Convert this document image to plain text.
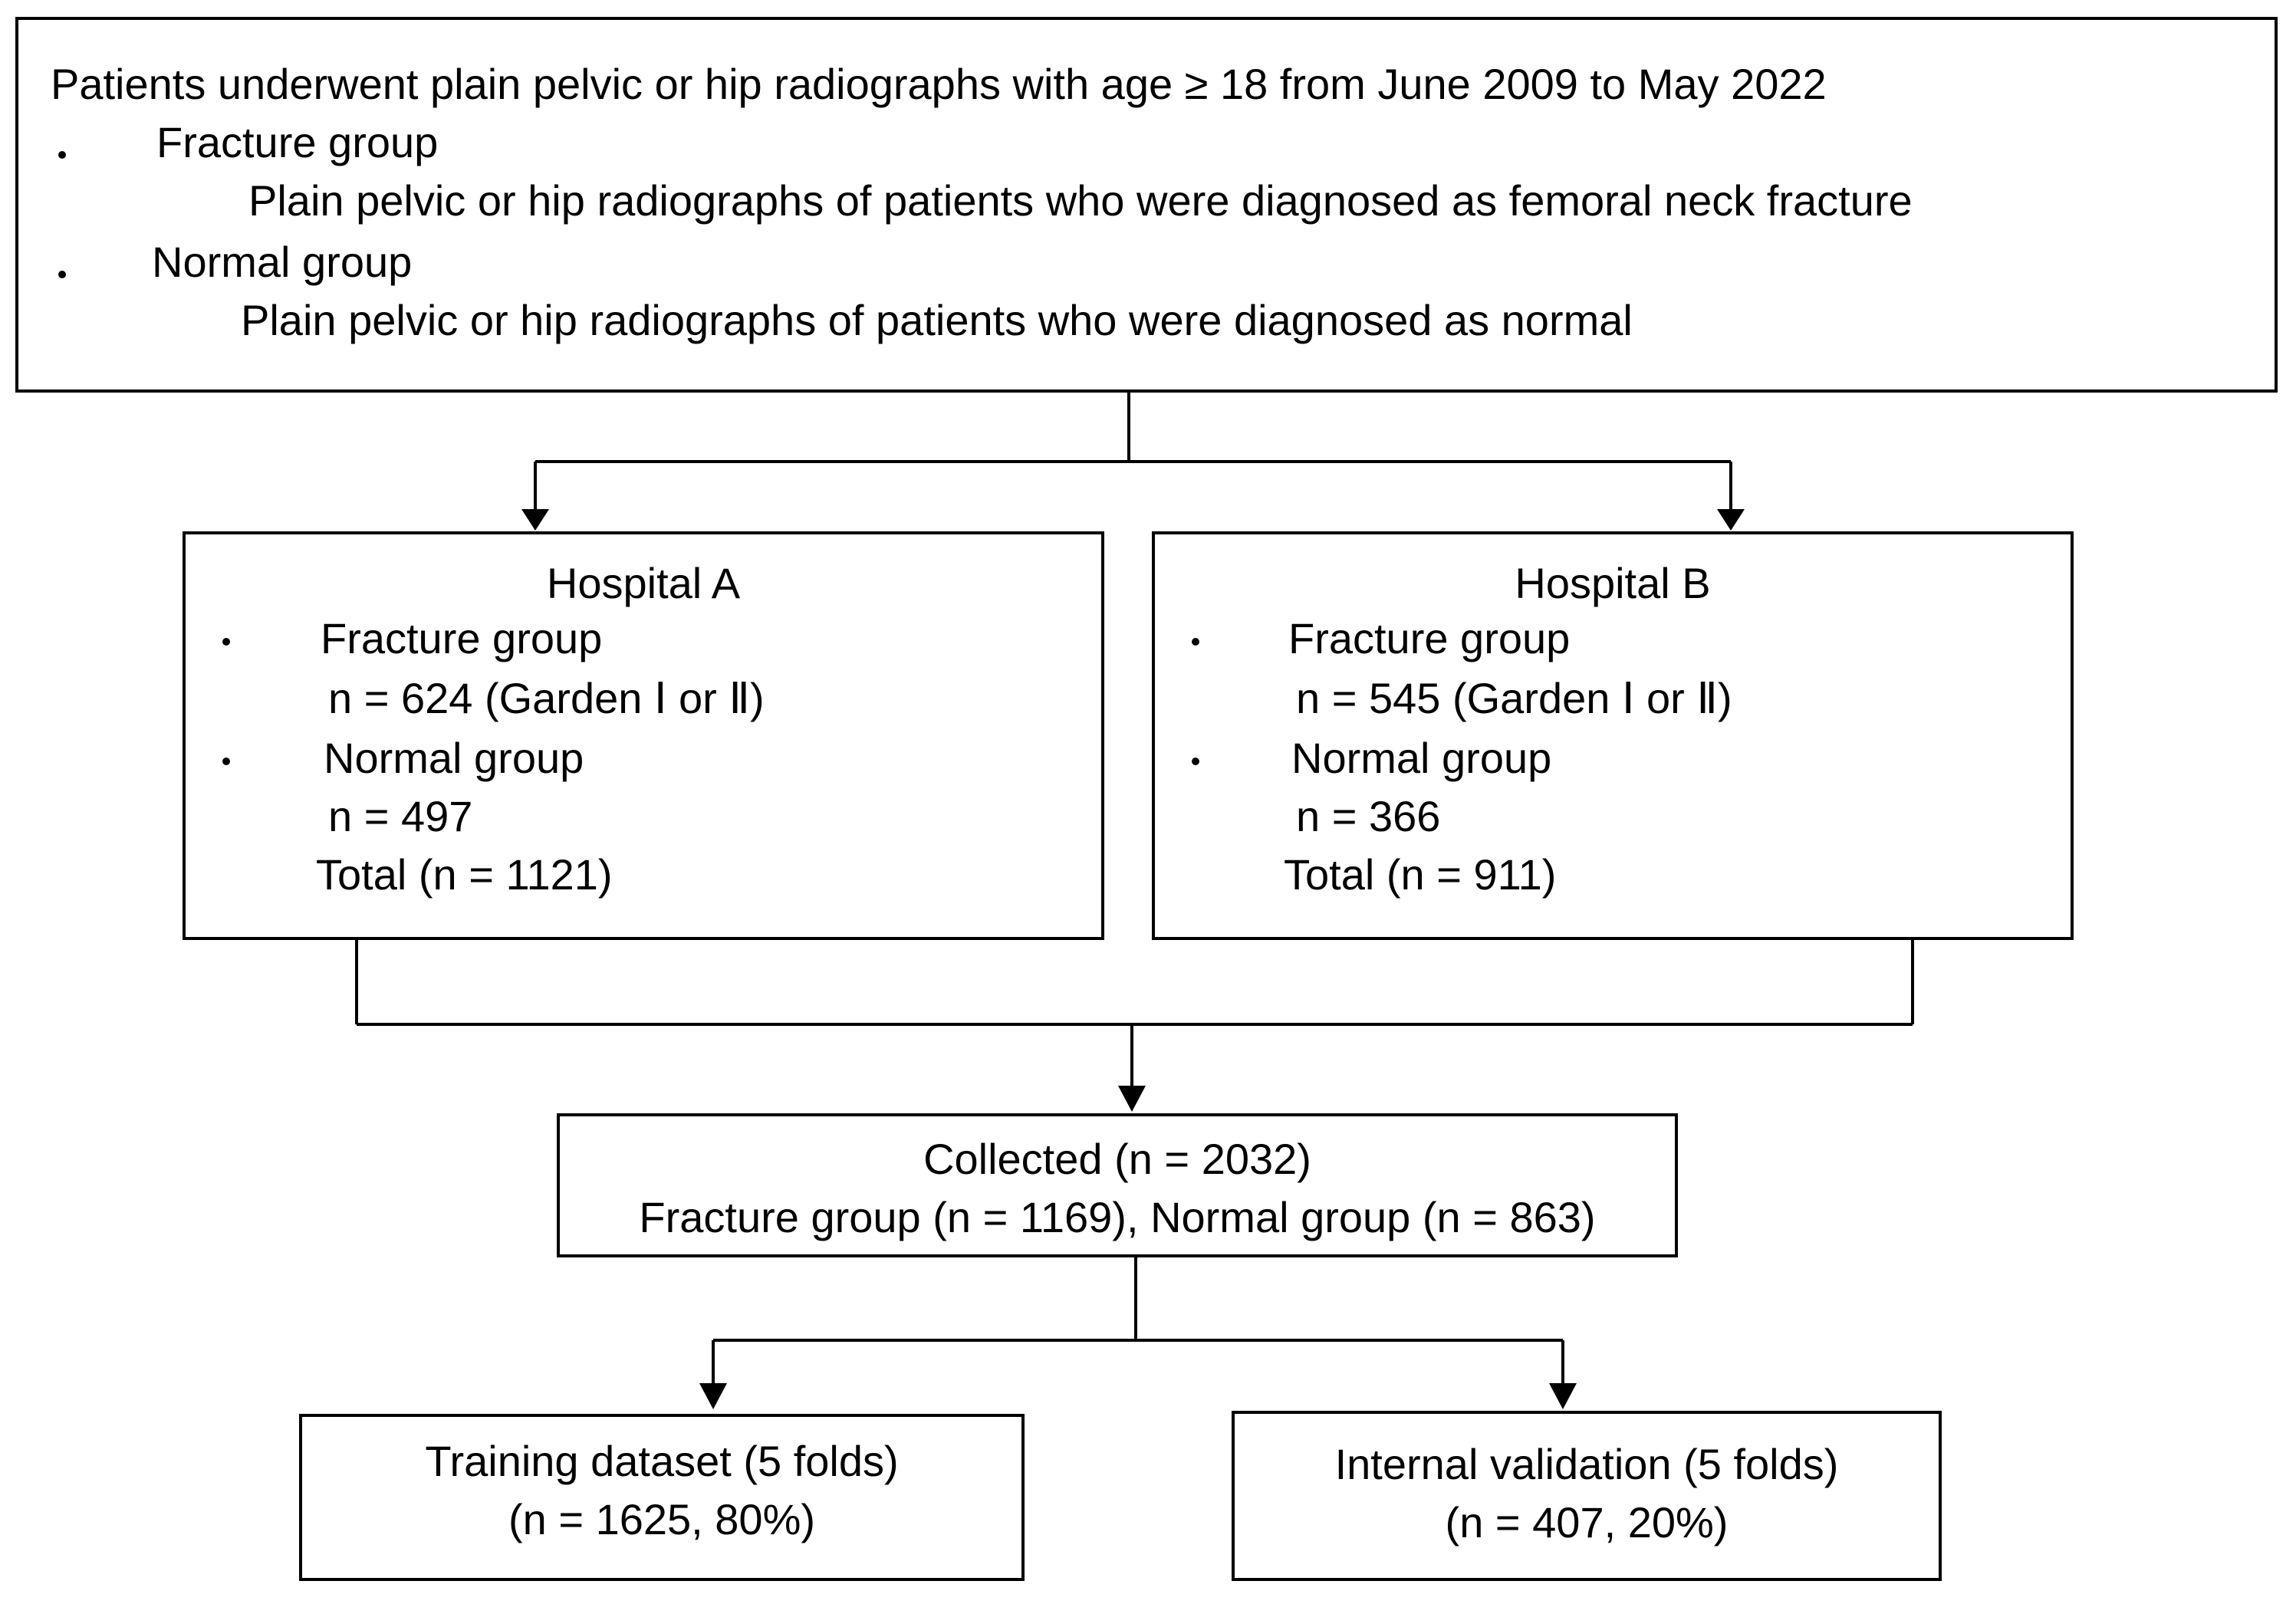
Patients underwent plain pelvic or hip radiographs with age ≥ 18 from June 2009 to May 2022
Fracture group
Plain pelvic or hip radiographs of patients who were diagnosed as femoral neck fracture
Normal group
Plain pelvic or hip radiographs of patients who were diagnosed as normal
Hospital A
Fracture group
n = 624 (Garden Ⅰ or Ⅱ)
Normal group
n = 497
Total (n = 1121)
Hospital B
Fracture group
n = 545 (Garden Ⅰ or Ⅱ)
Normal group
n = 366
Total (n = 911)
Collected (n = 2032)
Fracture group (n = 1169), Normal group (n = 863)
Training dataset (5 folds)
(n = 1625, 80%)
Internal validation (5 folds)
(n = 407, 20%)
